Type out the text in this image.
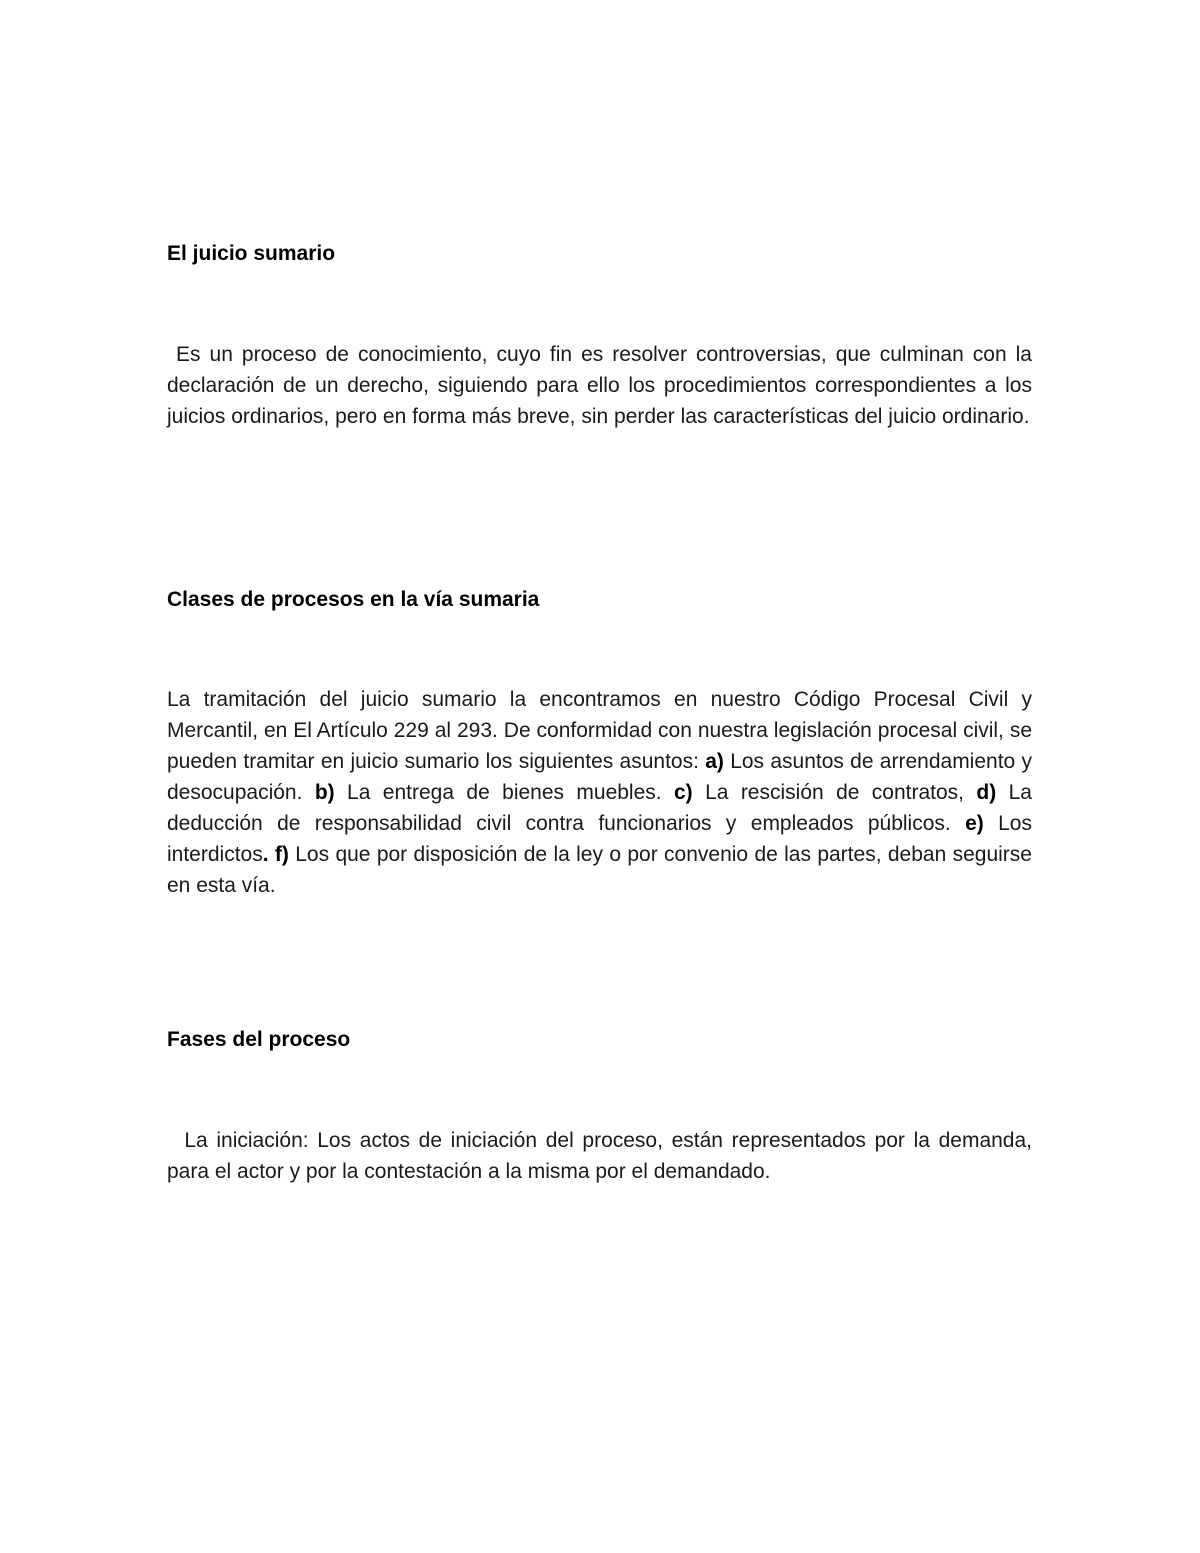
El juicio sumario
Es un proceso de conocimiento, cuyo fin es resolver controversias, que culminan con la declaración de un derecho, siguiendo para ello los procedimientos correspondientes a los juicios ordinarios, pero en forma más breve, sin perder las características del juicio ordinario.
Clases de procesos en la vía sumaria
La tramitación del juicio sumario la encontramos en nuestro Código Procesal Civil y Mercantil, en El Artículo 229 al 293. De conformidad con nuestra legislación procesal civil, se pueden tramitar en juicio sumario los siguientes asuntos: a) Los asuntos de arrendamiento y desocupación. b) La entrega de bienes muebles. c) La rescisión de contratos, d) La deducción de responsabilidad civil contra funcionarios y empleados públicos. e) Los interdictos. f) Los que por disposición de la ley o por convenio de las partes, deban seguirse en esta vía.
Fases del proceso
La iniciación: Los actos de iniciación del proceso, están representados por la demanda, para el actor y por la contestación a la misma por el demandado.
